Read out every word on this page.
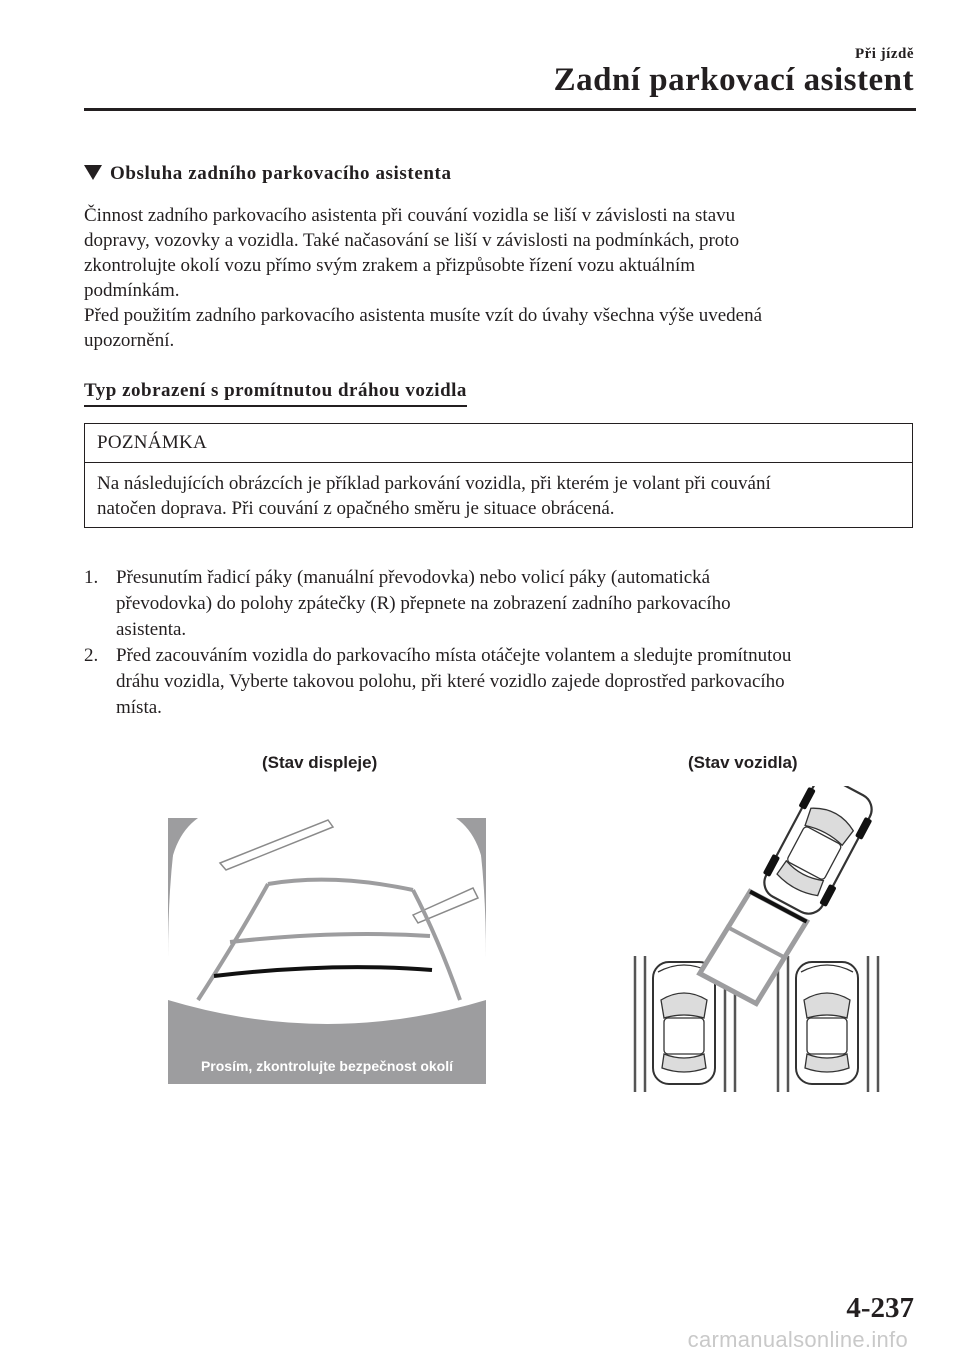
Při jízdě
Zadní parkovací asistent
Obsluha zadního parkovacího asistenta
Činnost zadního parkovacího asistenta při couvání vozidla se liší v závislosti na stavu
dopravy, vozovky a vozidla. Také načasování se liší v závislosti na podmínkách, proto
zkontrolujte okolí vozu přímo svým zrakem a přizpůsobte řízení vozu aktuálním
podmínkám.
Před použitím zadního parkovacího asistenta musíte vzít do úvahy všechna výše uvedená
upozornění.
Typ zobrazení s promítnutou dráhou vozidla
POZNÁMKA
Na následujících obrázcích je příklad parkování vozidla, při kterém je volant při couvání
natočen doprava. Při couvání z opačného směru je situace obrácená.
1. Přesunutím řadicí páky (manuální převodovka) nebo volicí páky (automatická
převodovka) do polohy zpátečky (R) přepnete na zobrazení zadního parkovacího
asistenta.
2. Před zacouváním vozidla do parkovacího místa otáčejte volantem a sledujte promítnutou
dráhu vozidla, Vyberte takovou polohu, při které vozidlo zajede doprostřed parkovacího
místa.
(Stav displeje)	(Stav vozidla)
Prosím, zkontrolujte bezpečnost okolí
4-237
carmanualsonline.info
